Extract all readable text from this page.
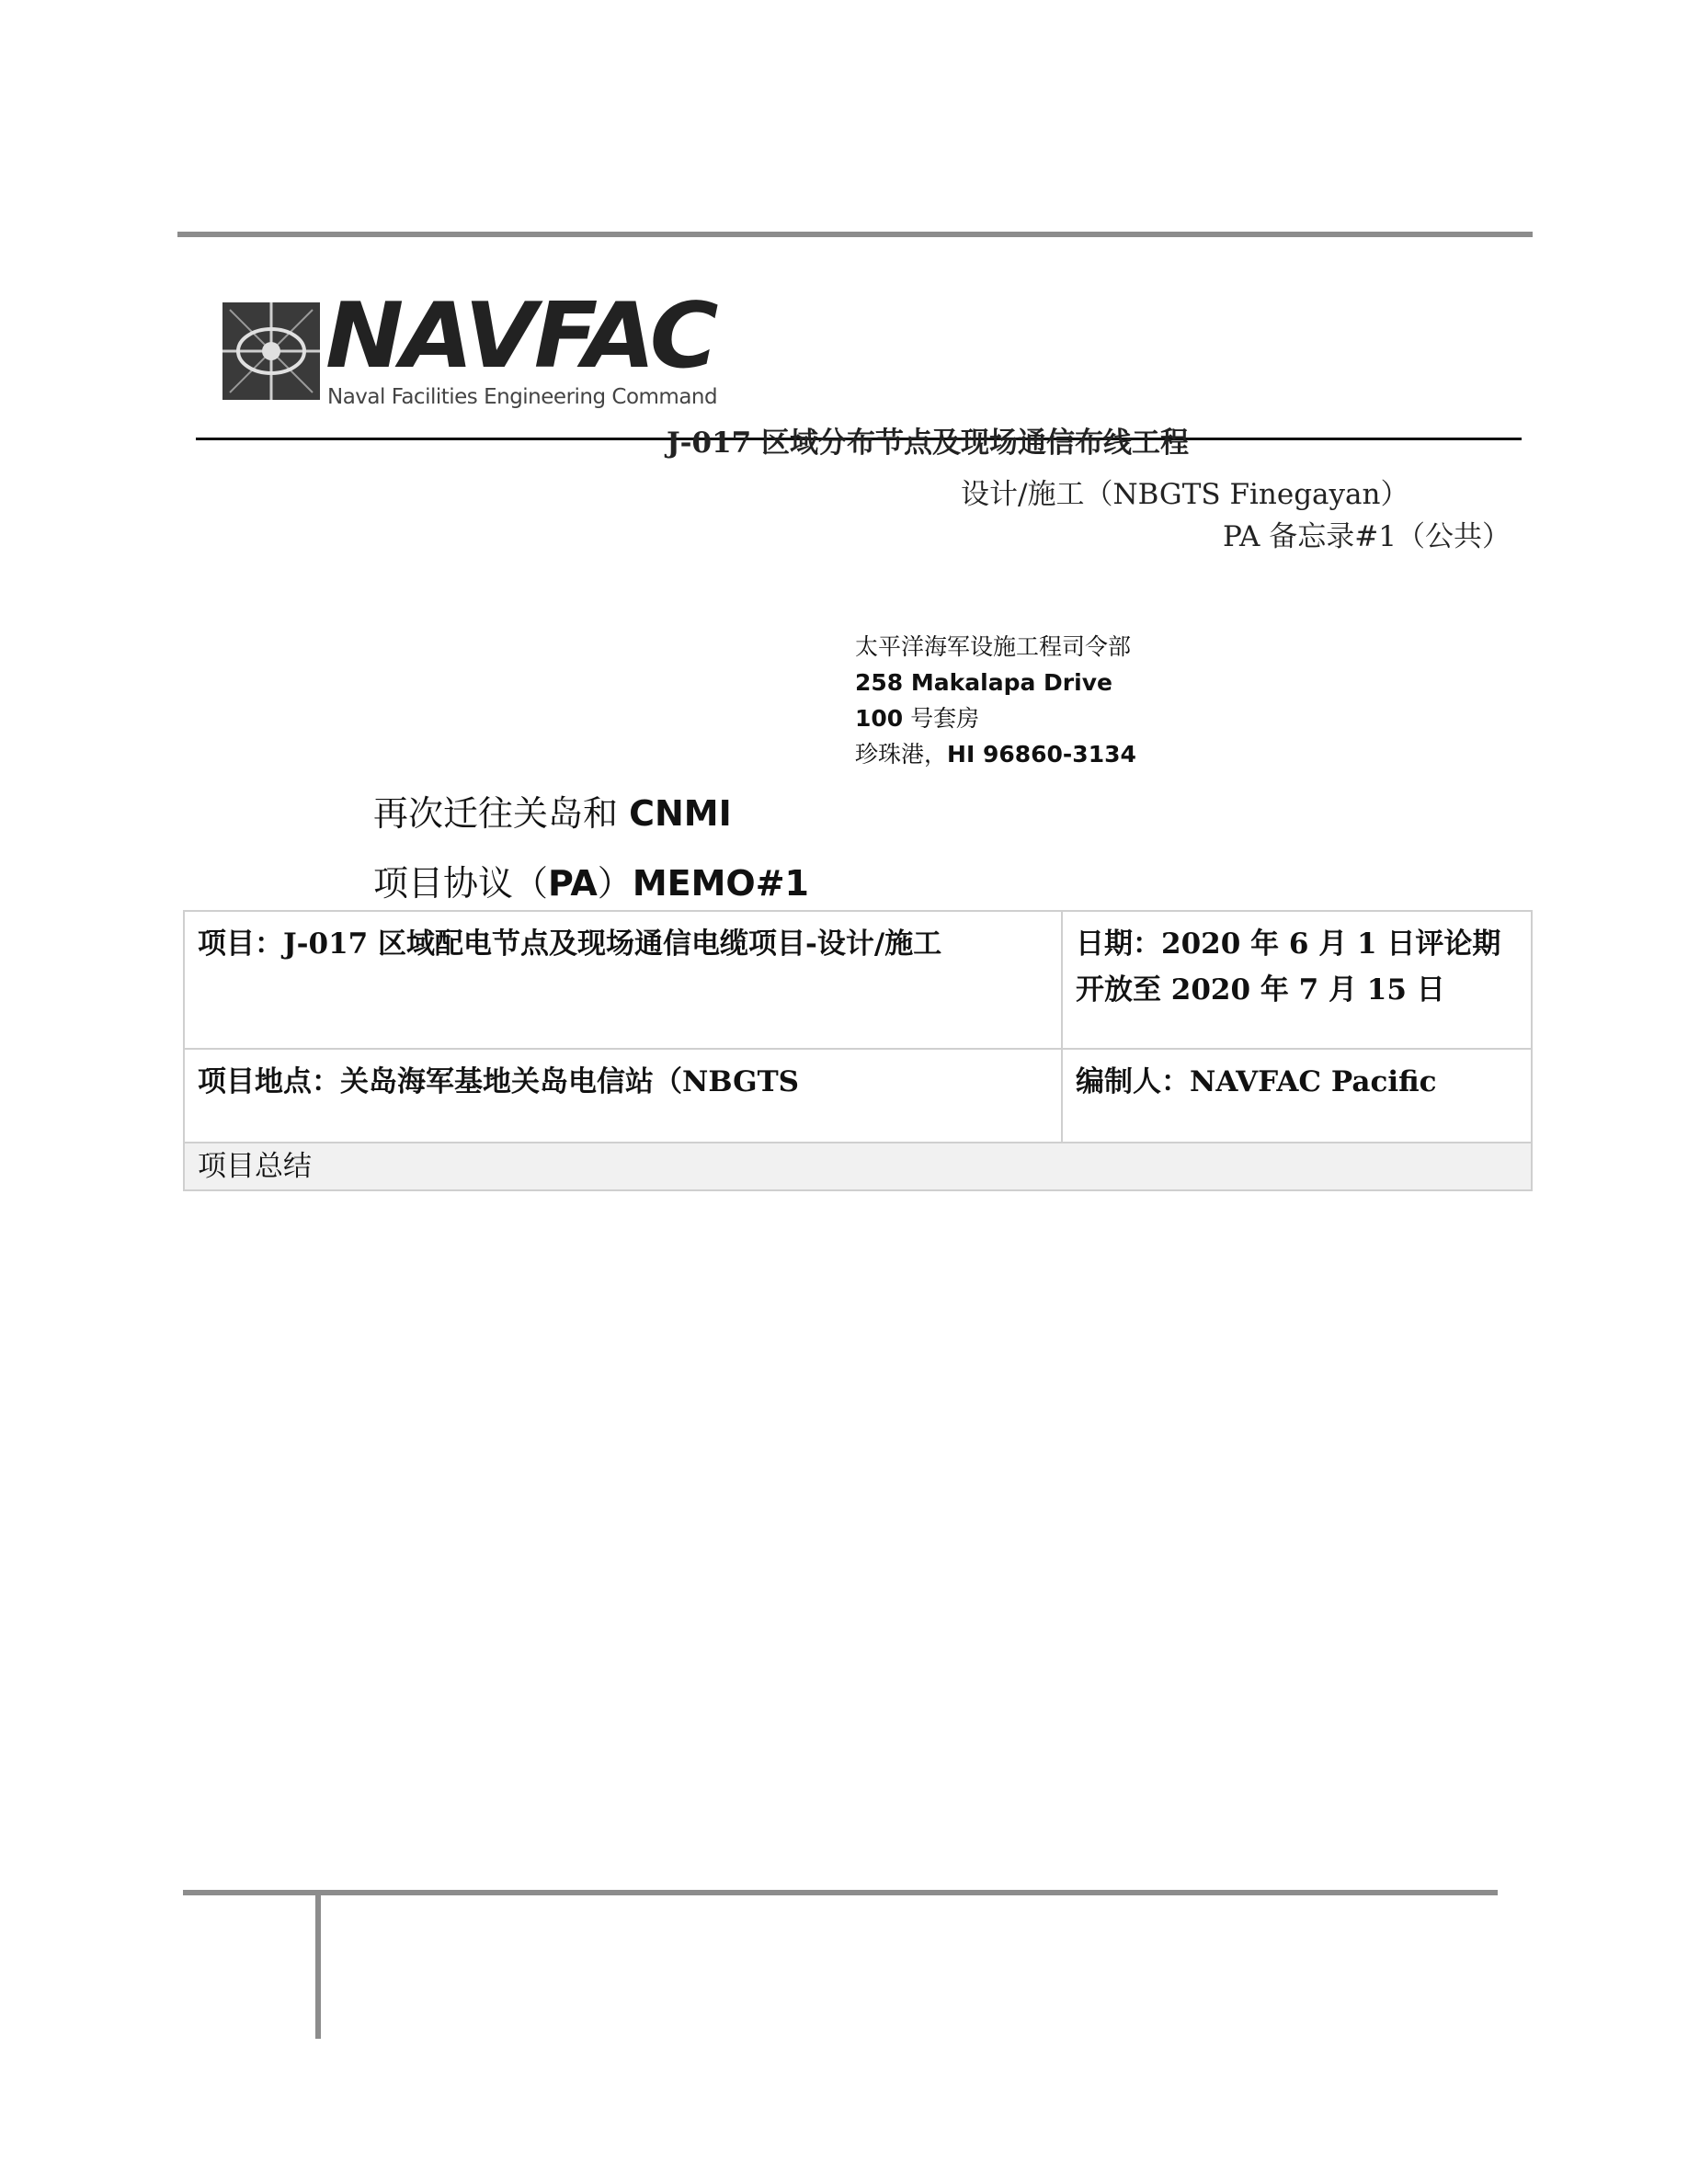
NAVFAC
Naval Facilities Engineering Command
J-017 区域分布节点及现场通信布线工程
设计/施工（NBGTS Finegayan）
PA 备忘录#1（公共）
太平洋海军设施工程司令部
258 Makalapa Drive
100 号套房
珍珠港，HI 96860-3134
再次迁往关岛和 CNMI
项目协议（PA）MEMO#1
项目：J-017 区域配电节点及现场通信电缆项目-设计/施工	日期：2020 年 6 月 1 日评论期开放至 2020 年 7 月 15 日
项目地点：关岛海军基地关岛电信站（NBGTS	编制人：NAVFAC Pacific
项目总结	
